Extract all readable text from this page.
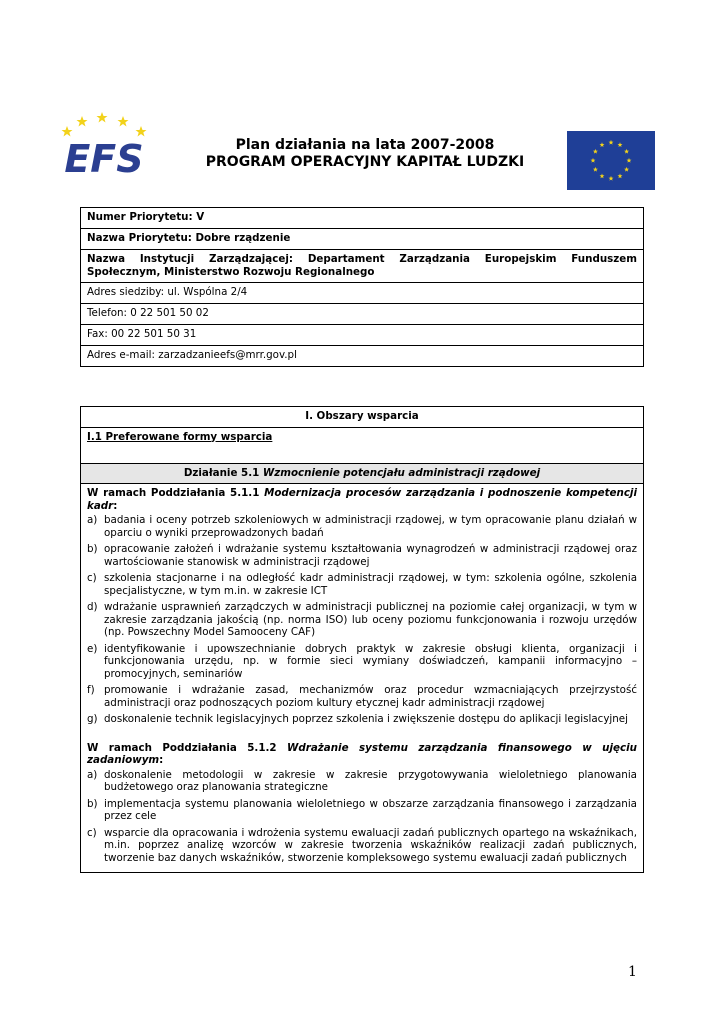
EFS	Plan działania na lata 2007-2008
PROGRAM OPERACYJNY KAPITAŁ LUDZKI
Numer Priorytetu: V
Nazwa Priorytetu: Dobre rządzenie

Nazwa Instytucji Zarządzającej: Departament Zarządzania Europejskim Funduszem
Społecznym, Ministerstwo Rozwoju Regionalnego

Adres siedziby: ul. Wspólna 2/4
Telefon: 0 22 501 50 02
Fax: 00 22 501 50 31
Adres e-mail: zarzadzanieefs@mrr.gov.pl
I. Obszary wsparcia
I.1 Preferowane formy wsparcia
Działanie 5.1 Wzmocnienie potencjału administracji rządowej

W ramach Poddziałania 5.1.1 Modernizacja procesów zarządzania i podnoszenie kompetencji kadr:
a) badania i oceny potrzeb szkoleniowych w administracji rządowej, w tym opracowanie planu działań w oparciu o wyniki przeprowadzonych badań
b) opracowanie założeń i wdrażanie systemu kształtowania wynagrodzeń w administracji rządowej oraz wartościowanie stanowisk w administracji rządowej
c) szkolenia stacjonarne i na odległość kadr administracji rządowej, w tym: szkolenia ogólne, szkolenia specjalistyczne, w tym m.in. w zakresie ICT
d) wdrażanie usprawnień zarządczych w administracji publicznej na poziomie całej organizacji, w tym w zakresie zarządzania jakością (np. norma ISO) lub oceny poziomu funkcjonowania i rozwoju urzędów (np. Powszechny Model Samooceny CAF)
e) identyfikowanie i upowszechnianie dobrych praktyk w zakresie obsługi klienta, organizacji i funkcjonowania urzędu, np. w formie sieci wymiany doświadczeń, kampanii informacyjno – promocyjnych, seminariów
f) promowanie i wdrażanie zasad, mechanizmów oraz procedur wzmacniających przejrzystość administracji oraz podnoszących poziom kultury etycznej kadr administracji rządowej
g) doskonalenie technik legislacyjnych poprzez szkolenia i zwiększenie dostępu do aplikacji legislacyjnej
W ramach Poddziałania 5.1.2 Wdrażanie systemu zarządzania finansowego w ujęciu zadaniowym:
a) doskonalenie metodologii w zakresie w zakresie przygotowywania wieloletniego planowania budżetowego oraz planowania strategiczne
b) implementacja systemu planowania wieloletniego w obszarze zarządzania finansowego i zarządzania przez cele
c) wsparcie dla opracowania i wdrożenia systemu ewaluacji zadań publicznych opartego na wskaźnikach, m.in. poprzez analizę wzorców w zakresie tworzenia wskaźników realizacji zadań publicznych, tworzenie baz danych wskaźników, stworzenie kompleksowego systemu ewaluacji zadań publicznych
1
